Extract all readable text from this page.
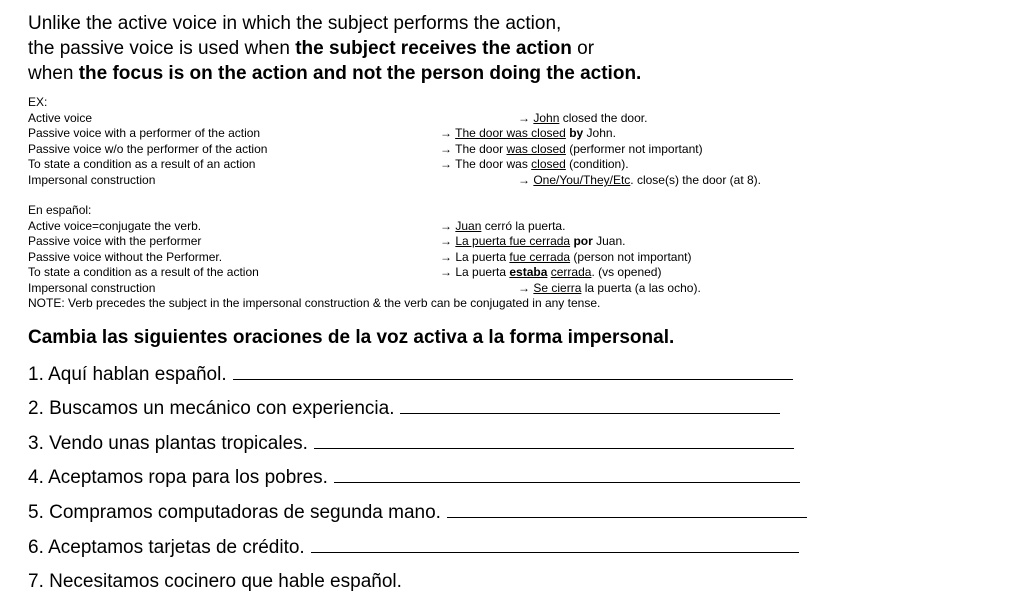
Unlike the active voice in which the subject performs the action,
the passive voice is used when the subject receives the action or
when the focus is on the action and not the person doing the action.
EX:
Active voice	→ John closed the door.
Passive voice with a performer of the action	→ The door was closed by John.
Passive voice w/o the performer of the action	→ The door was closed (performer not important)
To state a condition as a result of an action	→ The door was closed (condition).
Impersonal construction	→ One/You/They/Etc. close(s) the door (at 8).
En español:
Active voice=conjugate the verb.	→ Juan cerró la puerta.
Passive voice with the performer	→ La puerta fue cerrada por Juan.
Passive voice without the Performer.	→ La puerta fue cerrada (person not important)
To state a condition as a result of the action	→ La puerta estaba cerrada. (vs opened)
Impersonal construction	→ Se cierra la puerta (a las ocho).
NOTE: Verb precedes the subject in the impersonal construction & the verb can be conjugated in any tense.
Cambia las siguientes oraciones de la voz activa a la forma impersonal.
1. Aquí hablan español.
2. Buscamos un mecánico con experiencia.
3. Vendo unas plantas tropicales.
4. Aceptamos ropa para los pobres.
5. Compramos computadoras de segunda mano.
6. Aceptamos tarjetas de crédito.
7. Necesitamos cocinero que hable español.
